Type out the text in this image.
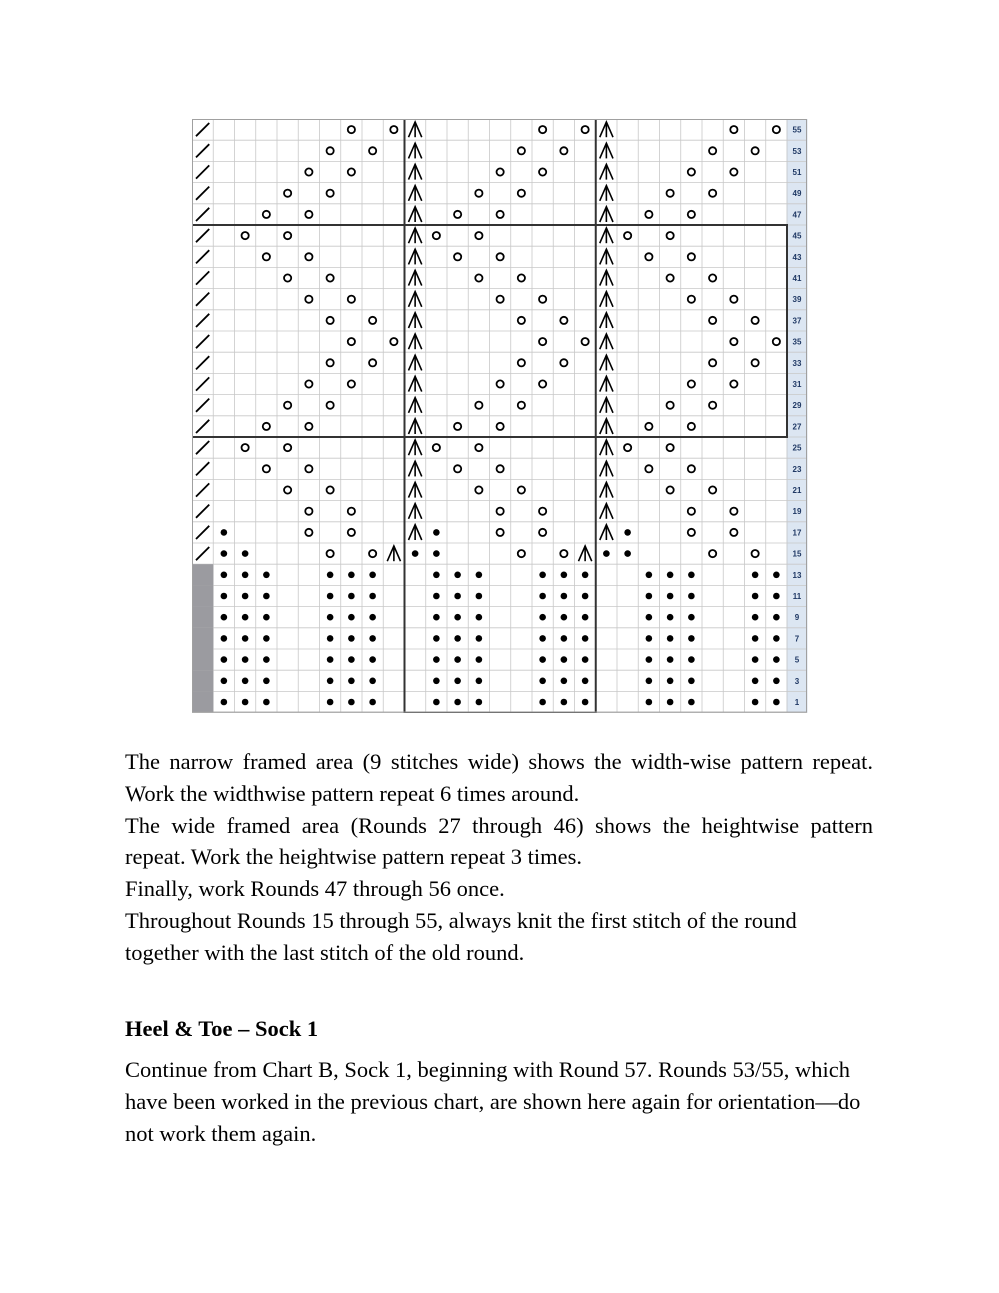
55
53
51
49
47
45
43
41
39
37
35
33
31
29
27
25
23
21
19
17
15
13
11
9
7
5
3
1

The narrow framed area (9 stitches wide) shows the width-wise pattern repeat. Work the widthwise pattern repeat 6 times around.

The wide framed area (Rounds 27 through 46) shows the heightwise pattern repeat. Work the heightwise pattern repeat 3 times.

Finally, work Rounds 47 through 56 once.

Throughout Rounds 15 through 55, always knit the first stitch of the round together with the last stitch of the old round.

Heel & Toe – Sock 1

Continue from Chart B, Sock 1, beginning with Round 57. Rounds 53/55, which have been worked in the previous chart, are shown here again for orientation—do not work them again.
